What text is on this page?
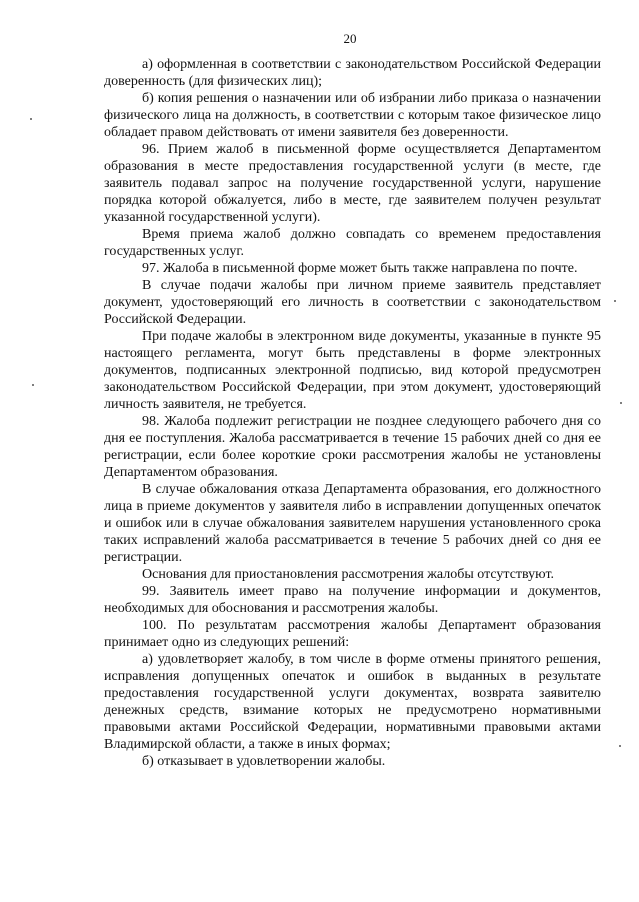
20

а) оформленная в соответствии с законодательством Российской Федерации доверенность (для физических лиц);

б) копия решения о назначении или об избрании либо приказа о назначении физического лица на должность, в соответствии с которым такое физическое лицо обладает правом действовать от имени заявителя без доверенности.

96. Прием жалоб в письменной форме осуществляется Департаментом образования в месте предоставления государственной услуги (в месте, где заявитель подавал запрос на получение государственной услуги, нарушение порядка которой обжалуется, либо в месте, где заявителем получен результат указанной государственной услуги).

Время приема жалоб должно совпадать со временем предоставления государственных услуг.

97. Жалоба в письменной форме может быть также направлена по почте.

В случае подачи жалобы при личном приеме заявитель представляет документ, удостоверяющий его личность в соответствии с законодательством Российской Федерации.

При подаче жалобы в электронном виде документы, указанные в пункте 95 настоящего регламента, могут быть представлены в форме электронных документов, подписанных электронной подписью, вид которой предусмотрен законодательством Российской Федерации, при этом документ, удостоверяющий личность заявителя, не требуется.

98. Жалоба подлежит регистрации не позднее следующего рабочего дня со дня ее поступления. Жалоба рассматривается в течение 15 рабочих дней со дня ее регистрации, если более короткие сроки рассмотрения жалобы не установлены Департаментом образования.

В случае обжалования отказа Департамента образования, его должностного лица в приеме документов у заявителя либо в исправлении допущенных опечаток и ошибок или в случае обжалования заявителем нарушения установленного срока таких исправлений жалоба рассматривается в течение 5 рабочих дней со дня ее регистрации.

Основания для приостановления рассмотрения жалобы отсутствуют.

99. Заявитель имеет право на получение информации и документов, необходимых для обоснования и рассмотрения жалобы.

100. По результатам рассмотрения жалобы Департамент образования принимает одно из следующих решений:

а) удовлетворяет жалобу, в том числе в форме отмены принятого решения, исправления допущенных опечаток и ошибок в выданных в результате предоставления государственной услуги документах, возврата заявителю денежных средств, взимание которых не предусмотрено нормативными правовыми актами Российской Федерации, нормативными правовыми актами Владимирской области, а также в иных формах;

б) отказывает в удовлетворении жалобы.
